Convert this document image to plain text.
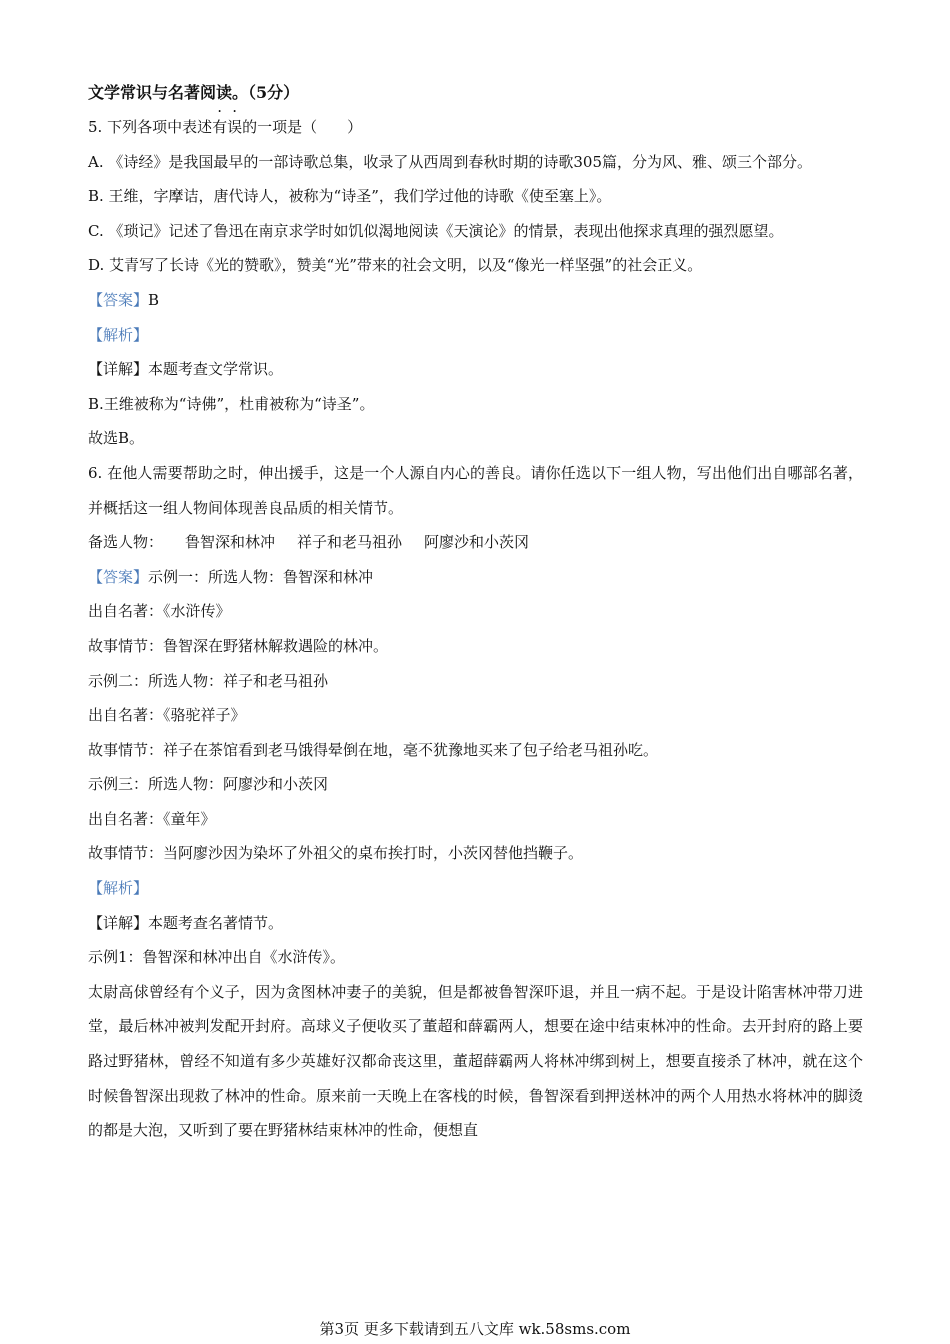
文学常识与名著阅读。（5分）
5. 下列各项中表述有误的一项是（　　）
A. 《诗经》是我国最早的一部诗歌总集，收录了从西周到春秋时期的诗歌305篇，分为风、雅、颂三个部分。
B. 王维，字摩诘，唐代诗人，被称为“诗圣”，我们学过他的诗歌《使至塞上》。
C. 《琐记》记述了鲁迅在南京求学时如饥似渴地阅读《天演论》的情景，表现出他探求真理的强烈愿望。
D. 艾青写了长诗《光的赞歌》，赞美“光”带来的社会文明，以及“像光一样坚强”的社会正义。
【答案】B
【解析】
【详解】本题考查文学常识。
B.王维被称为“诗佛”，杜甫被称为“诗圣”。
故选B。
6. 在他人需要帮助之时，伸出援手，这是一个人源自内心的善良。请你任选以下一组人物，写出他们出自哪部名著，并概括这一组人物间体现善良品质的相关情节。
备选人物： 鲁智深和林冲 祥子和老马祖孙 阿廖沙和小茨冈
【答案】示例一：所选人物：鲁智深和林冲
出自名著：《水浒传》
故事情节：鲁智深在野猪林解救遇险的林冲。
示例二：所选人物：祥子和老马祖孙
出自名著：《骆驼祥子》
故事情节：祥子在茶馆看到老马饿得晕倒在地，毫不犹豫地买来了包子给老马祖孙吃。
示例三：所选人物：阿廖沙和小茨冈
出自名著：《童年》
故事情节：当阿廖沙因为染坏了外祖父的桌布挨打时，小茨冈替他挡鞭子。
【解析】
【详解】本题考查名著情节。
示例1：鲁智深和林冲出自《水浒传》。
太尉高俅曾经有个义子，因为贪图林冲妻子的美貌，但是都被鲁智深吓退，并且一病不起。于是设计陷害林冲带刀进堂，最后林冲被判发配开封府。高球义子便收买了董超和薛霸两人，想要在途中结束林冲的性命。去开封府的路上要路过野猪林，曾经不知道有多少英雄好汉都命丧这里，董超薛霸两人将林冲绑到树上，想要直接杀了林冲，就在这个时候鲁智深出现救了林冲的性命。原来前一天晚上在客栈的时候，鲁智深看到押送林冲的两个人用热水将林冲的脚烫的都是大泡，又听到了要在野猪林结束林冲的性命，便想直
第3页 更多下载请到五八文库 wk.58sms.com
